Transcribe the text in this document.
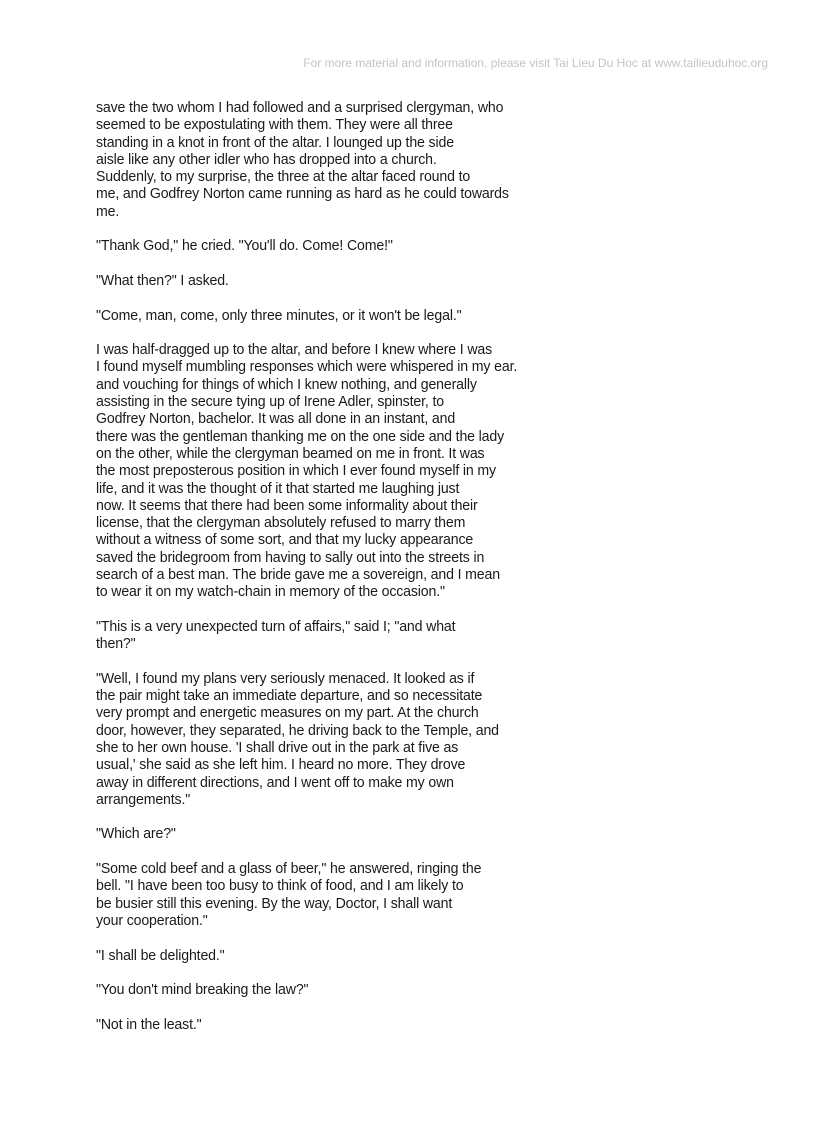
For more material and information, please visit Tai Lieu Du Hoc at www.tailieuduhoc.org

save the two whom I had followed and a surprised clergyman, who
seemed to be expostulating with them. They were all three
standing in a knot in front of the altar. I lounged up the side
aisle like any other idler who has dropped into a church.
Suddenly, to my surprise, the three at the altar faced round to
me, and Godfrey Norton came running as hard as he could towards
me.

"Thank God," he cried. "You'll do. Come! Come!"

"What then?" I asked.

"Come, man, come, only three minutes, or it won't be legal."

I was half-dragged up to the altar, and before I knew where I was
I found myself mumbling responses which were whispered in my ear.
and vouching for things of which I knew nothing, and generally
assisting in the secure tying up of Irene Adler, spinster, to
Godfrey Norton, bachelor. It was all done in an instant, and
there was the gentleman thanking me on the one side and the lady
on the other, while the clergyman beamed on me in front. It was
the most preposterous position in which I ever found myself in my
life, and it was the thought of it that started me laughing just
now. It seems that there had been some informality about their
license, that the clergyman absolutely refused to marry them
without a witness of some sort, and that my lucky appearance
saved the bridegroom from having to sally out into the streets in
search of a best man. The bride gave me a sovereign, and I mean
to wear it on my watch-chain in memory of the occasion."

"This is a very unexpected turn of affairs," said I; "and what
then?"

"Well, I found my plans very seriously menaced. It looked as if
the pair might take an immediate departure, and so necessitate
very prompt and energetic measures on my part. At the church
door, however, they separated, he driving back to the Temple, and
she to her own house. 'I shall drive out in the park at five as
usual,' she said as she left him. I heard no more. They drove
away in different directions, and I went off to make my own
arrangements."

"Which are?"

"Some cold beef and a glass of beer," he answered, ringing the
bell. "I have been too busy to think of food, and I am likely to
be busier still this evening. By the way, Doctor, I shall want
your cooperation."

"I shall be delighted."

"You don't mind breaking the law?"

"Not in the least."
